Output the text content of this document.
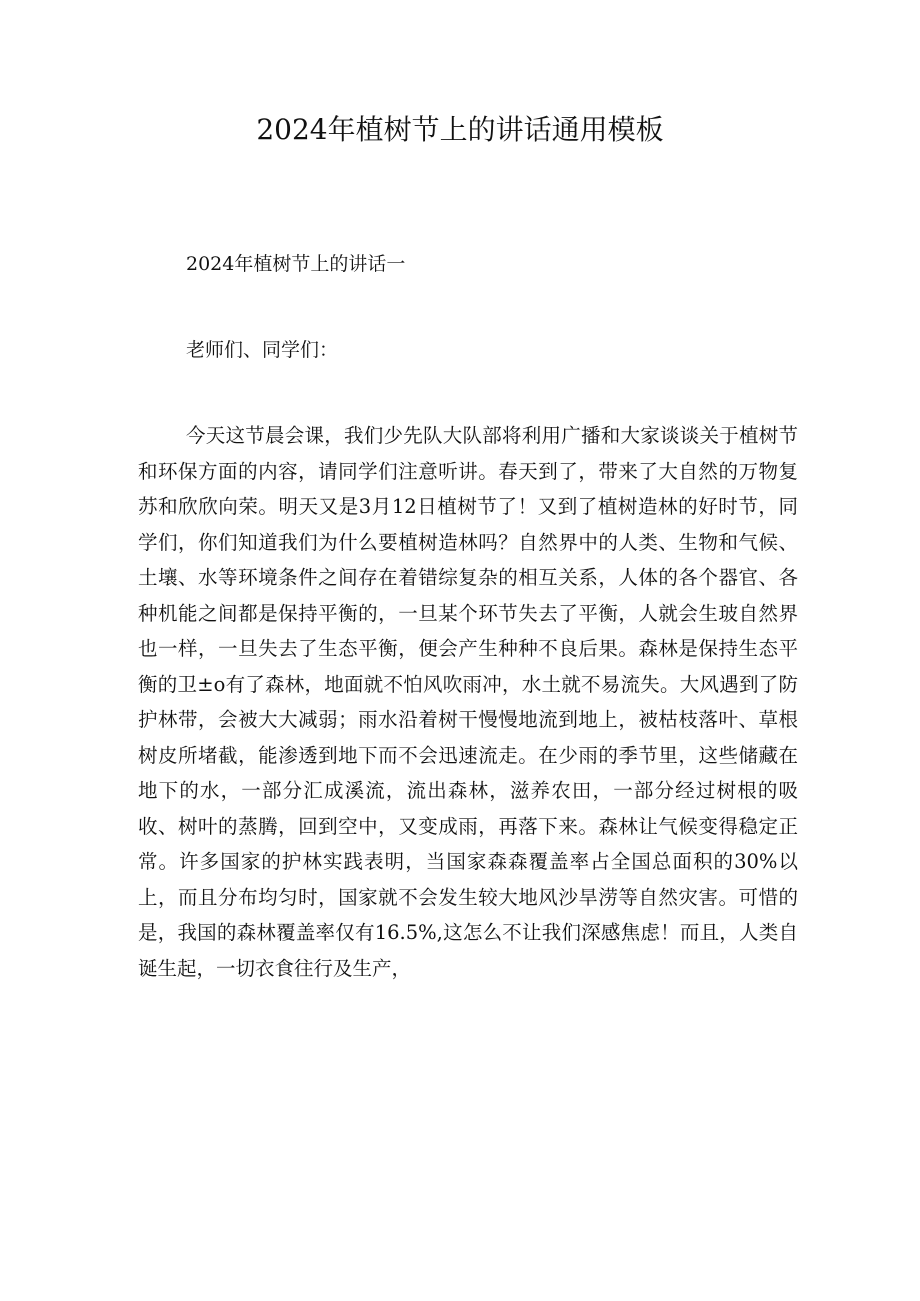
2024年植树节上的讲话通用模板

2024年植树节上的讲话一

老师们、同学们：

今天这节晨会课，我们少先队大队部将利用广播和大家谈谈关于植树节和环保方面的内容，请同学们注意听讲。春天到了，带来了大自然的万物复苏和欣欣向荣。明天又是3月12日植树节了！又到了植树造林的好时节，同学们，你们知道我们为什么要植树造林吗？自然界中的人类、生物和气候、土壤、水等环境条件之间存在着错综复杂的相互关系，人体的各个器官、各种机能之间都是保持平衡的，一旦某个环节失去了平衡，人就会生玻自然界也一样，一旦失去了生态平衡，便会产生种种不良后果。森林是保持生态平衡的卫±o有了森林，地面就不怕风吹雨冲，水土就不易流失。大风遇到了防护林带，会被大大减弱；雨水沿着树干慢慢地流到地上，被枯枝落叶、草根树皮所堵截，能渗透到地下而不会迅速流走。在少雨的季节里，这些储藏在地下的水，一部分汇成溪流，流出森林，滋养农田，一部分经过树根的吸收、树叶的蒸腾，回到空中，又变成雨，再落下来。森林让气候变得稳定正常。许多国家的护林实践表明，当国家森森覆盖率占全国总面积的30%以上，而且分布均匀时，国家就不会发生较大地风沙旱涝等自然灾害。可惜的是，我国的森林覆盖率仅有16.5%,这怎么不让我们深感焦虑！而且，人类自诞生起，一切衣食往行及生产，
